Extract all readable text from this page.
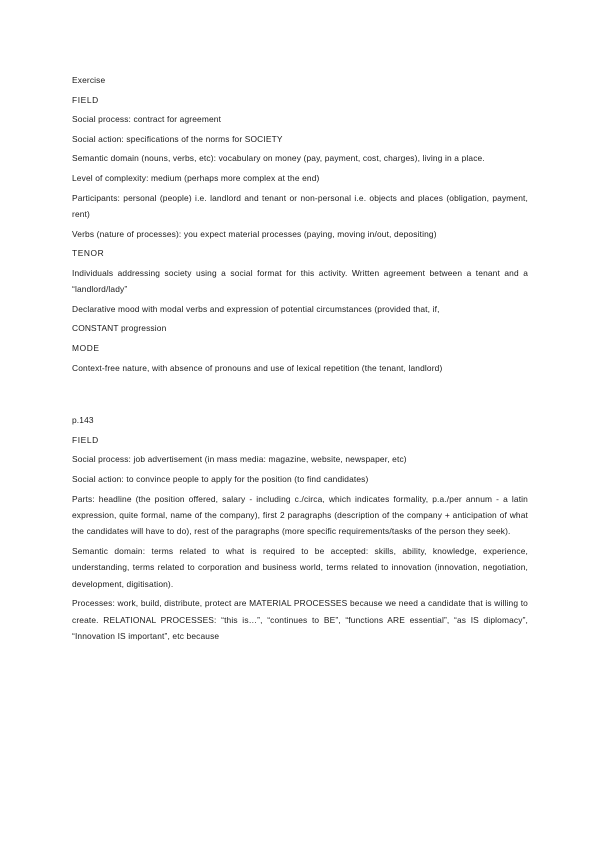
Exercise

FIELD

Social process: contract for agreement

Social action: specifications of the norms for SOCIETY

Semantic domain (nouns, verbs, etc): vocabulary on money (pay, payment, cost, charges), living in a place.

Level of complexity: medium (perhaps more complex at the end)

Participants: personal (people) i.e. landlord and tenant or non-personal i.e. objects and places (obligation, payment, rent)

Verbs (nature of processes): you expect material processes (paying, moving in/out, depositing)

TENOR

Individuals addressing society using a social format for this activity. Written agreement between a tenant and a “landlord/lady”

Declarative mood with modal verbs and expression of potential circumstances (provided that, if,

CONSTANT progression

MODE

Context-free nature, with absence of pronouns and use of lexical repetition (the tenant, landlord)

p.143

FIELD

Social process: job advertisement (in mass media: magazine, website, newspaper, etc)

Social action: to convince people to apply for the position (to find candidates)

Parts: headline (the position offered, salary - including c./circa, which indicates formality, p.a./per annum - a latin expression, quite formal, name of the company), first 2 paragraphs (description of the company + anticipation of what the candidates will have to do), rest of the paragraphs (more specific requirements/tasks of the person they seek).

Semantic domain: terms related to what is required to be accepted: skills, ability, knowledge, experience, understanding, terms related to corporation and business world, terms related to innovation (innovation, negotiation, development, digitisation).

Processes: work, build, distribute, protect are MATERIAL PROCESSES because we need a candidate that is willing to create. RELATIONAL PROCESSES: “this is…”, “continues to BE”, “functions ARE essential”, “as IS diplomacy”, “Innovation IS important”, etc because
